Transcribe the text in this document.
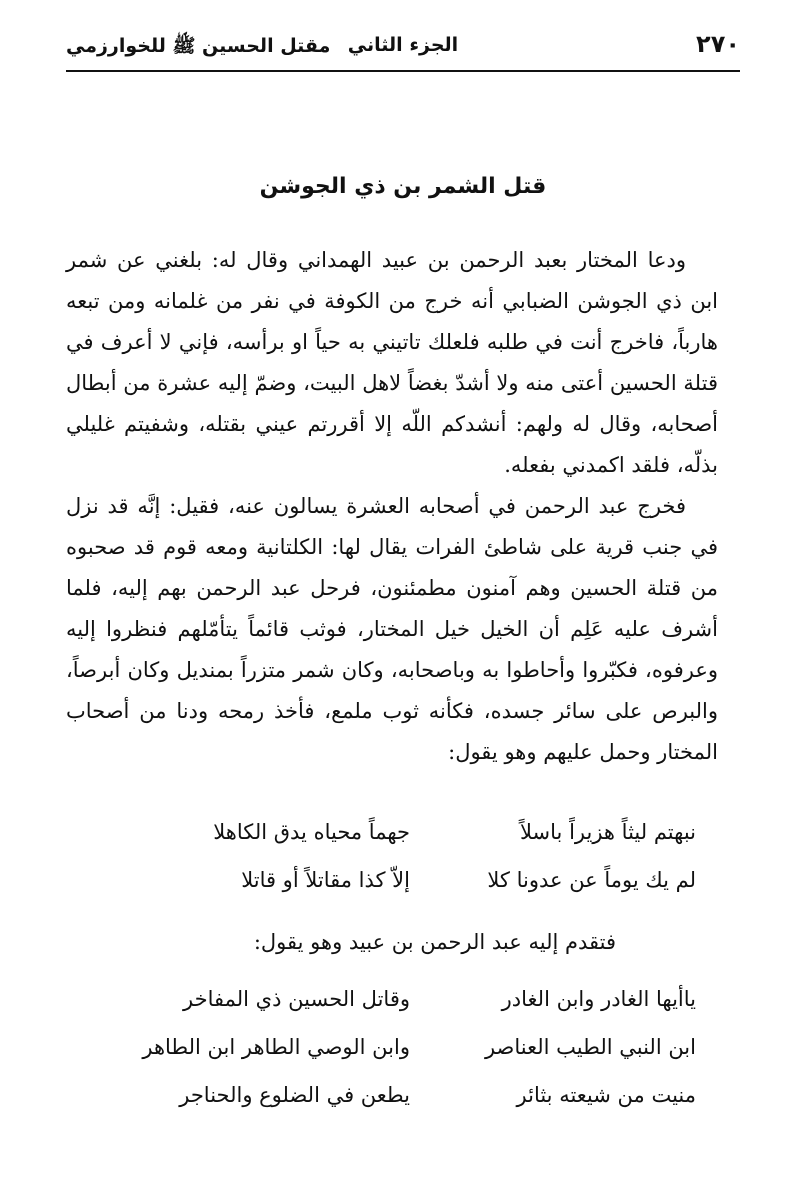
٢٧٠
الجزء الثاني
مقتل الحسين ﷺ للخوارزمي
قتل الشمر بن ذي الجوشن

ودعا المختار بعبد الرحمن بن عبيد الهمداني وقال له: بلغني عن شمر ابن ذي الجوشن الضبابي أنه خرج من الكوفة في نفر من غلمانه ومن تبعه هارباً، فاخرج أنت في طلبه فلعلك تاتيني به حياً او برأسه، فإني لا أعرف في قتلة الحسين أعتى منه ولا أشدّ بغضاً لاهل البيت، وضمّ إليه عشرة من أبطال أصحابه، وقال له ولهم: أنشدكم اللّه إلا أقررتم عيني بقتله، وشفيتم غليلي بذلّه، فلقد اكمدني بفعله.

فخرج عبد الرحمن في أصحابه العشرة يسالون عنه، فقيل: إنَّه قد نزل في جنب قرية على شاطئ الفرات يقال لها: الكلتانية ومعه قوم قد صحبوه من قتلة الحسين وهم آمنون مطمئنون، فرحل عبد الرحمن بهم إليه، فلما أشرف عليه عَلِم أن الخيل خيل المختار، فوثب قائماً يتأمّلهم فنظروا إليه وعرفوه، فكبّروا وأحاطوا به وباصحابه، وكان شمر متزراً بمنديل وكان أبرصاً، والبرص على سائر جسده، فكأنه ثوب ملمع، فأخذ رمحه ودنا من أصحاب المختار وحمل عليهم وهو يقول:

نبهتم ليثاً هزيراً باسلاً
جهماً محياه يدق الكاهلا
لم يك يوماً عن عدونا كلا
إلاّ كذا مقاتلاً أو قاتلا
فتقدم إليه عبد الرحمن بن عبيد وهو يقول:
ياأيها الغادر وابن الغادر
وقاتل الحسين ذي المفاخر
ابن النبي الطيب العناصر
وابن الوصي الطاهر ابن الطاهر
منيت من شيعته بثائر
يطعن في الضلوع والحناجر
